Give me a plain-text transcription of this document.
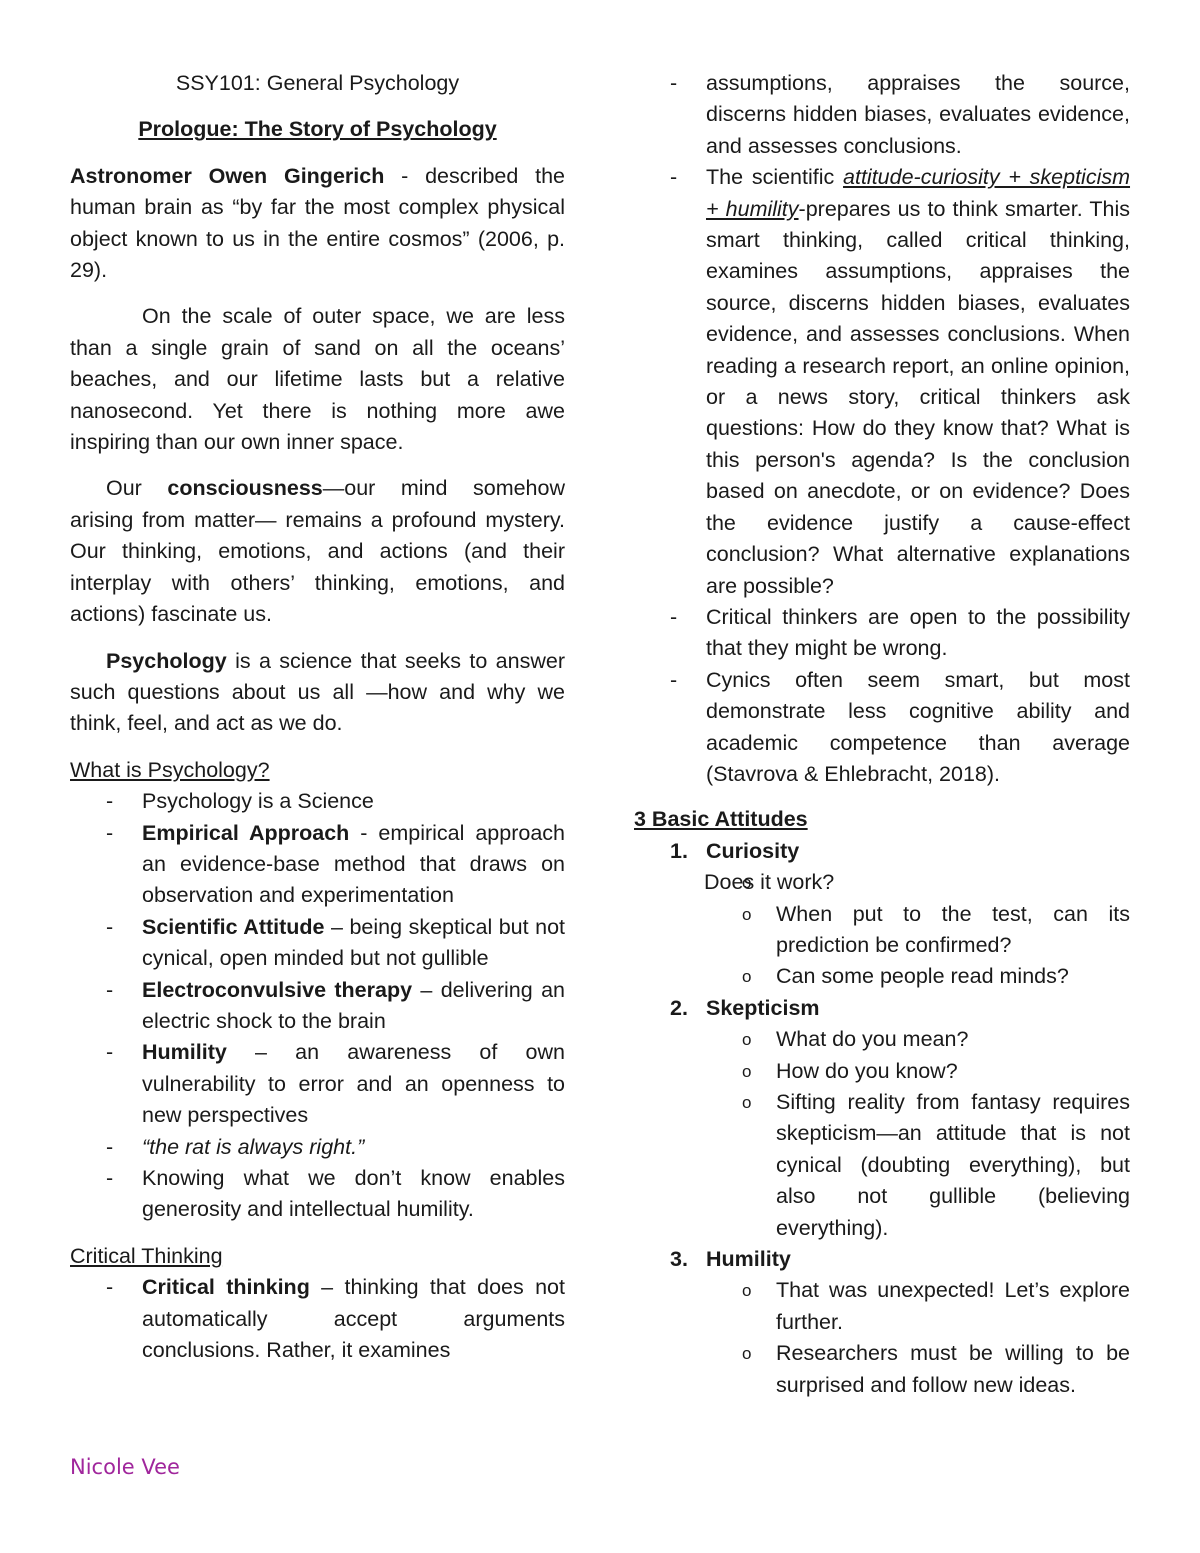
SSY101: General Psychology

Prologue: The Story of Psychology

Astronomer Owen Gingerich - described the human brain as “by far the most complex physical object known to us in the entire cosmos” (2006, p. 29).

On the scale of outer space, we are less than a single grain of sand on all the oceans’ beaches, and our lifetime lasts but a relative nanosecond. Yet there is nothing more awe inspiring than our own inner space.

Our consciousness—our mind somehow arising from matter— remains a profound mystery. Our thinking, emotions, and actions (and their interplay with others’ thinking, emotions, and actions) fascinate us.

Psychology is a science that seeks to answer such questions about us all —how and why we think, feel, and act as we do.

What is Psychology?

- Psychology is a Science
- Empirical Approach - empirical approach an evidence-base method that draws on observation and experimentation
- Scientific Attitude – being skeptical but not cynical, open minded but not gullible
- Electroconvulsive therapy – delivering an electric shock to the brain
- Humility – an awareness of own vulnerability to error and an openness to new perspectives
- “the rat is always right.”
- Knowing what we don’t know enables generosity and intellectual humility.

Critical Thinking

- Critical thinking – thinking that does not automatically accept arguments conclusions. Rather, it examines
- assumptions, appraises the source, discerns hidden biases, evaluates evidence, and assesses conclusions.
- The scientific attitude-curiosity + skepticism + humility-prepares us to think smarter. This smart thinking, called critical thinking, examines assumptions, appraises the source, discerns hidden biases, evaluates evidence, and assesses conclusions. When reading a research report, an online opinion, or a news story, critical thinkers ask questions: How do they know that? What is this person's agenda? Is the conclusion based on anecdote, or on evidence? Does the evidence justify a cause-effect conclusion? What alternative explanations are possible?
- Critical thinkers are open to the possibility that they might be wrong.
- Cynics often seem smart, but most demonstrate less cognitive ability and academic competence than average (Stavrova & Ehlebracht, 2018).

3 Basic Attitudes

1. Curiosity
o Does it work?
o When put to the test, can its prediction be confirmed?
o Can some people read minds?
2. Skepticism
o What do you mean?
o How do you know?
o Sifting reality from fantasy requires skepticism—an attitude that is not cynical (doubting everything), but also not gullible (believing everything).
3. Humility
o That was unexpected! Let’s explore further.
o Researchers must be willing to be surprised and follow new ideas.
Nicole Vee
